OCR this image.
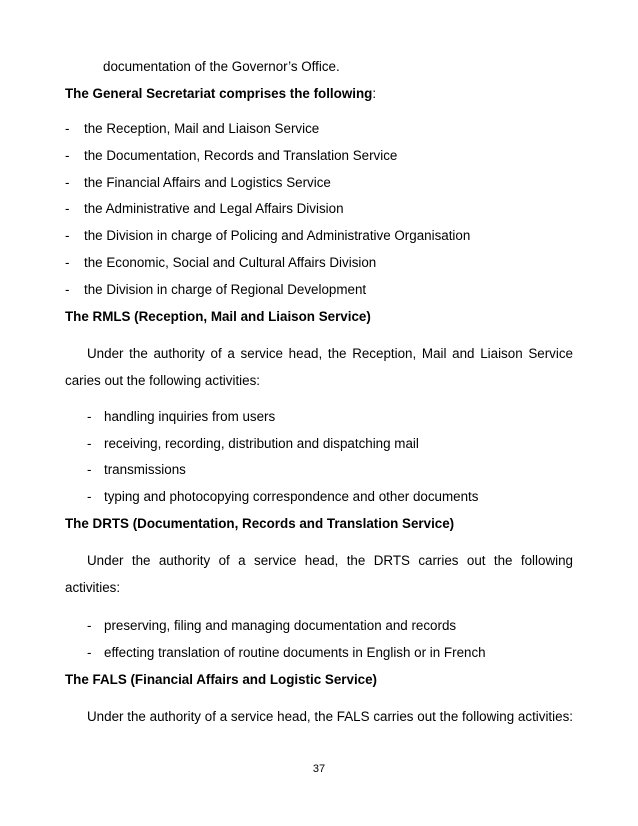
documentation of the Governor’s Office.
The General Secretariat comprises the following:
- the Reception, Mail and Liaison Service
- the Documentation, Records and Translation Service
- the Financial Affairs and Logistics Service
- the Administrative and Legal Affairs Division
- the Division in charge of Policing and Administrative Organisation
- the Economic, Social and Cultural Affairs Division
- the Division in charge of Regional Development
The RMLS (Reception, Mail and Liaison Service)
Under the authority of a service head, the Reception, Mail and Liaison Service
caries out the following activities:
- handling inquiries from users
- receiving, recording, distribution and dispatching mail
- transmissions
- typing and photocopying correspondence and other documents
The DRTS (Documentation, Records and Translation Service)
Under the authority of a service head, the DRTS carries out the following
activities:
- preserving, filing and managing documentation and records
- effecting translation of routine documents in English or in French
The FALS (Financial Affairs and Logistic Service)
Under the authority of a service head, the FALS carries out the following activities:
37
